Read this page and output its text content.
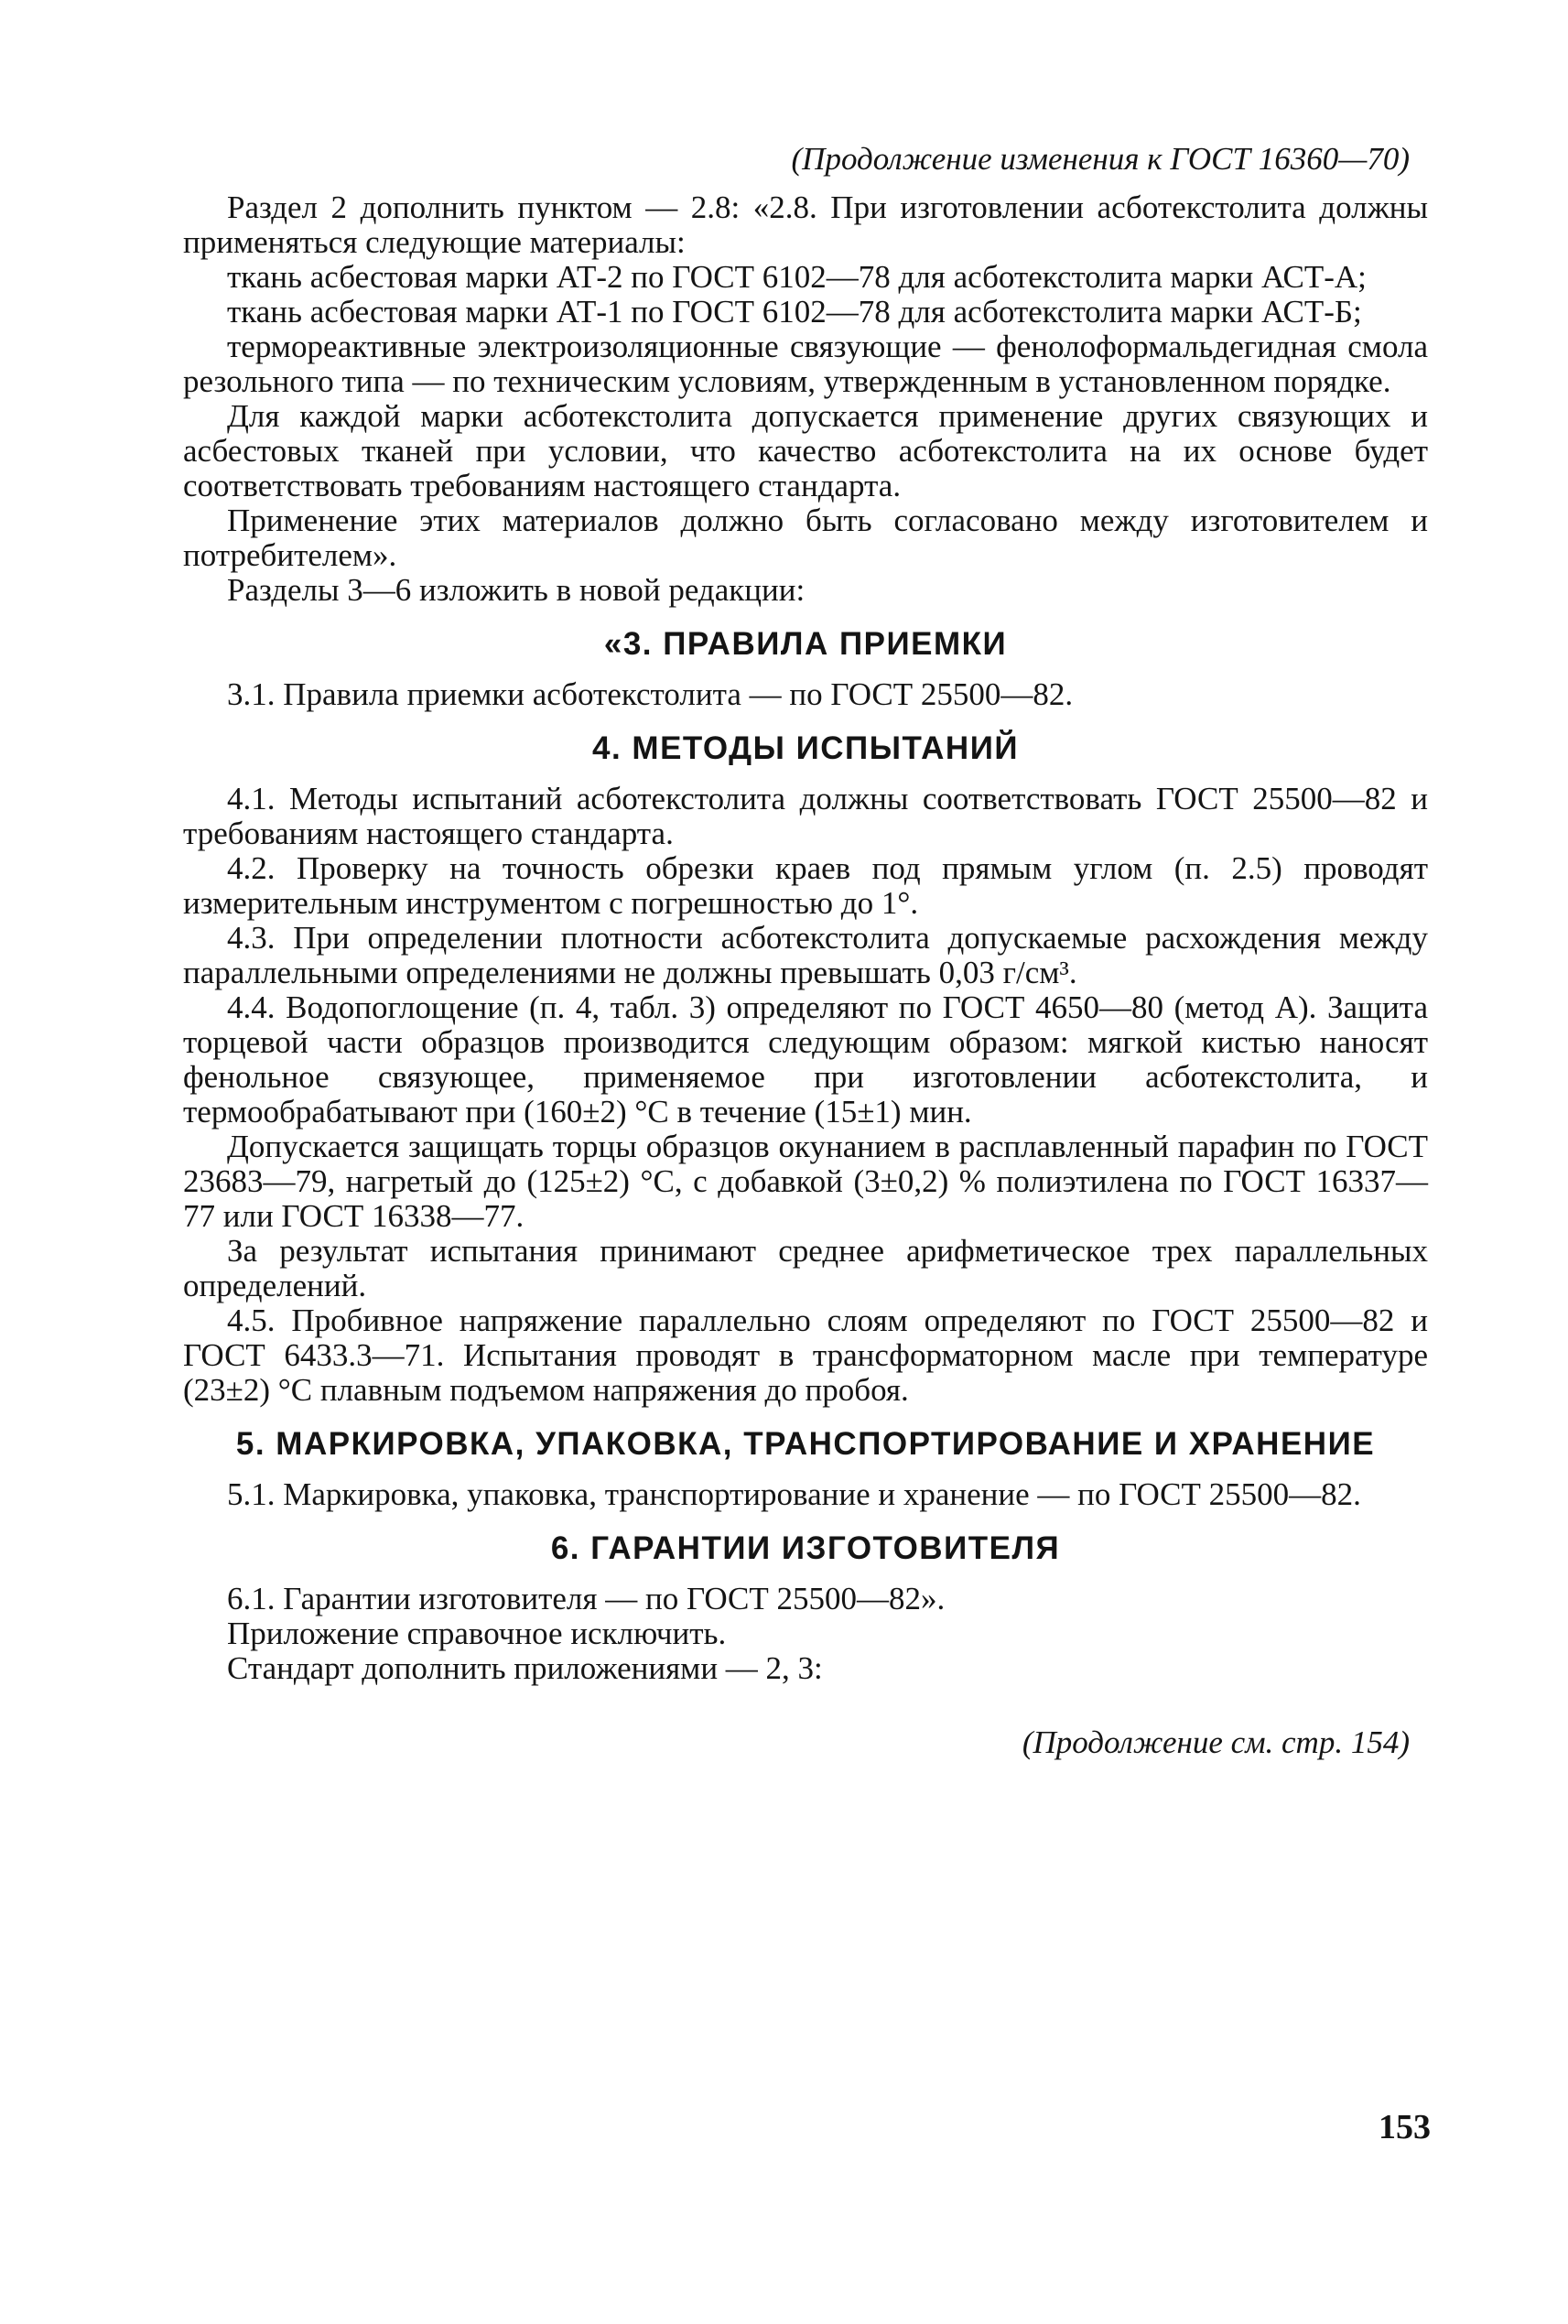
(Продолжение изменения к ГОСТ 16360—70)

Раздел 2 дополнить пунктом — 2.8: «2.8. При изготовлении асботекстолита должны применяться следующие материалы:

ткань асбестовая марки АТ-2 по ГОСТ 6102—78 для асботекстолита марки АСТ-А;

ткань асбестовая марки АТ-1 по ГОСТ 6102—78 для асботекстолита марки АСТ-Б;

термореактивные электроизоляционные связующие — фенолоформальдегидная смола резольного типа — по техническим условиям, утвержденным в установленном порядке.

Для каждой марки асботекстолита допускается применение других связующих и асбестовых тканей при условии, что качество асботекстолита на их основе будет соответствовать требованиям настоящего стандарта.

Применение этих материалов должно быть согласовано между изготовителем и потребителем».

Разделы 3—6 изложить в новой редакции:

«3. ПРАВИЛА ПРИЕМКИ

3.1. Правила приемки асботекстолита — по ГОСТ 25500—82.

4. МЕТОДЫ ИСПЫТАНИЙ

4.1. Методы испытаний асботекстолита должны соответствовать ГОСТ 25500—82 и требованиям настоящего стандарта.

4.2. Проверку на точность обрезки краев под прямым углом (п. 2.5) проводят измерительным инструментом с погрешностью до 1°.

4.3. При определении плотности асботекстолита допускаемые расхождения между параллельными определениями не должны превышать 0,03 г/см³.

4.4. Водопоглощение (п. 4, табл. 3) определяют по ГОСТ 4650—80 (метод А). Защита торцевой части образцов производится следующим образом: мягкой кистью наносят фенольное связующее, применяемое при изготовлении асботекстолита, и термообрабатывают при (160±2) °С в течение (15±1) мин.

Допускается защищать торцы образцов окунанием в расплавленный парафин по ГОСТ 23683—79, нагретый до (125±2) °С, с добавкой (3±0,2) % полиэтилена по ГОСТ 16337—77 или ГОСТ 16338—77.

За результат испытания принимают среднее арифметическое трех параллельных определений.

4.5. Пробивное напряжение параллельно слоям определяют по ГОСТ 25500—82 и ГОСТ 6433.3—71. Испытания проводят в трансформаторном масле при температуре (23±2) °С плавным подъемом напряжения до пробоя.

5. МАРКИРОВКА, УПАКОВКА, ТРАНСПОРТИРОВАНИЕ И ХРАНЕНИЕ

5.1. Маркировка, упаковка, транспортирование и хранение — по ГОСТ 25500—82.

6. ГАРАНТИИ ИЗГОТОВИТЕЛЯ

6.1. Гарантии изготовителя — по ГОСТ 25500—82».

Приложение справочное исключить.

Стандарт дополнить приложениями — 2, 3:

(Продолжение см. стр. 154)
153
